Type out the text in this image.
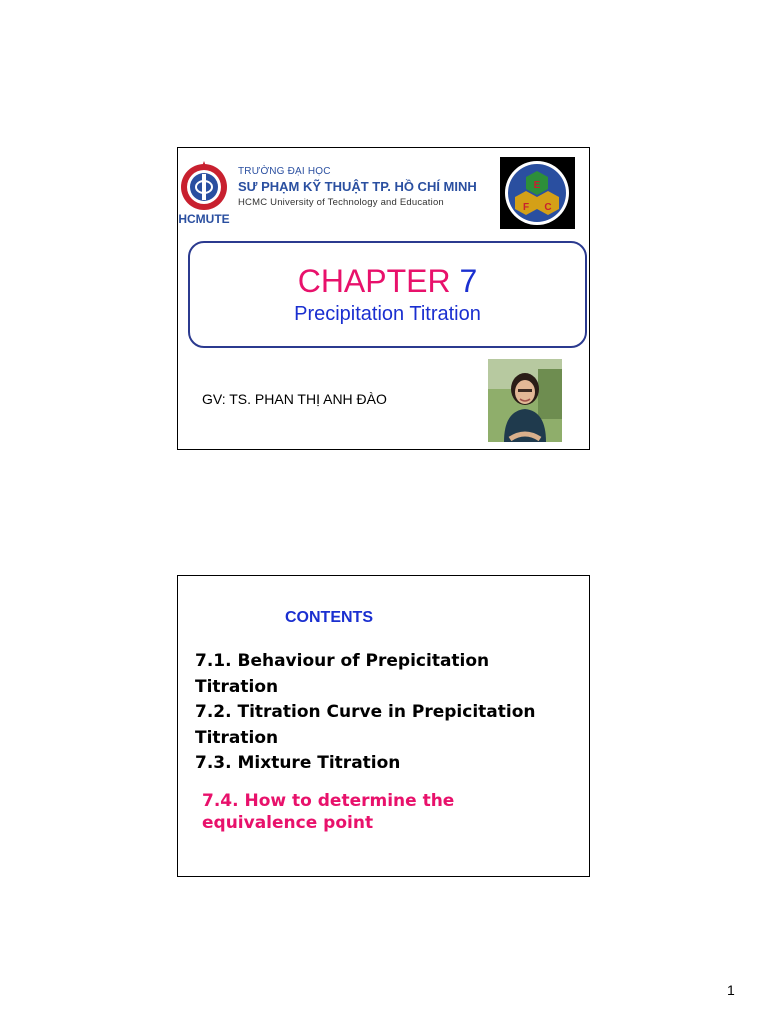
HCMUTE
TRƯỜNG ĐẠI HỌC
SƯ PHẠM KỸ THUẬT TP. HỒ CHÍ MINH
HCMC University of Technology and Education
E
F C
CHAPTER 7
Precipitation Titration
GV: TS. PHAN THỊ ANH ĐÀO
CONTENTS
7.1. Behaviour of Prepicitation Titration
7.2. Titration Curve in Prepicitation Titration
7.3. Mixture Titration
7.4. How to determine the equivalence point
1
